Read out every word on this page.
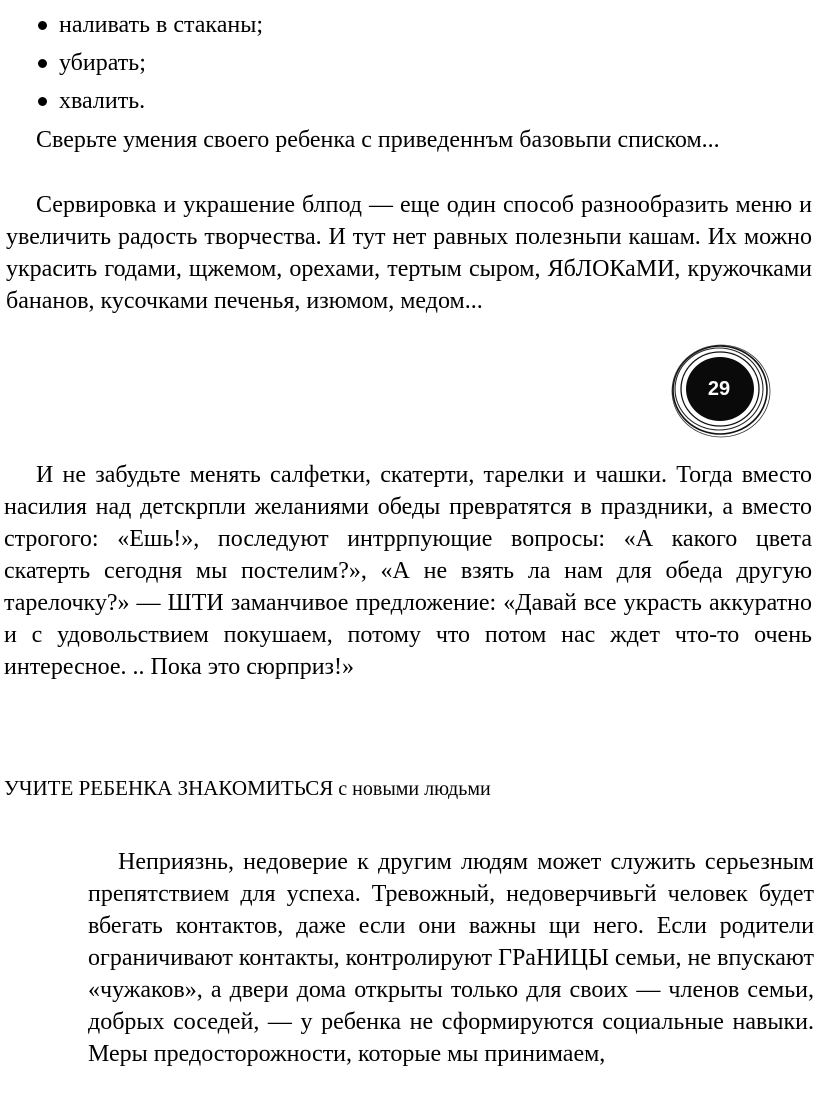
наливать в стаканы;
убирать;
хвалить.

Сверьте умения своего ребенка с приведеннъм базовьпи списком...

Сервировка и украшение блпод — еще один способ разнообразить меню и увеличить радость творчества. И тут нет равных полезньпи кашам. Их можно украсить годами, щжемом, орехами, тертым сыром, ЯбЛОКаМИ, кружочками бананов, кусочками печенья, изюмом, медом...

29

И не забудьте менять салфетки, скатерти, тарелки и чашки. Тогда вместо насилия над детскрпли желаниями обеды превратятся в праздники, а вместо строгого: «Ешь!», последуют интррпующие вопросы: «А какого цвета скатерть сегодня мы постелим?», «А не взять ла нам для обеда другую тарелочку?» — ШТИ заманчивое предложение: «Давай все украсть аккуратно и с удовольствием покушаем, потому что потом нас ждет что-то очень интересное. .. Пока это сюрприз!»

УЧИТЕ РЕБЕНКА ЗНАКОМИТЬСЯ с новыми людьми

Неприязнь, недоверие к другим людям может служить серьезным препятствием для успеха. Тревожный, недоверчивьгй человек будет вбегать контактов, даже если они важны щи него. Если родители ограничивают контакты, контролируют ГРаНИЦЫ семьи, не впускают «чужаков», а двери дома открыты только для своих — членов семьи, добрых соседей, — у ребенка не сформируются социальные навыки. Меры предосторожности, которые мы принимаем,
